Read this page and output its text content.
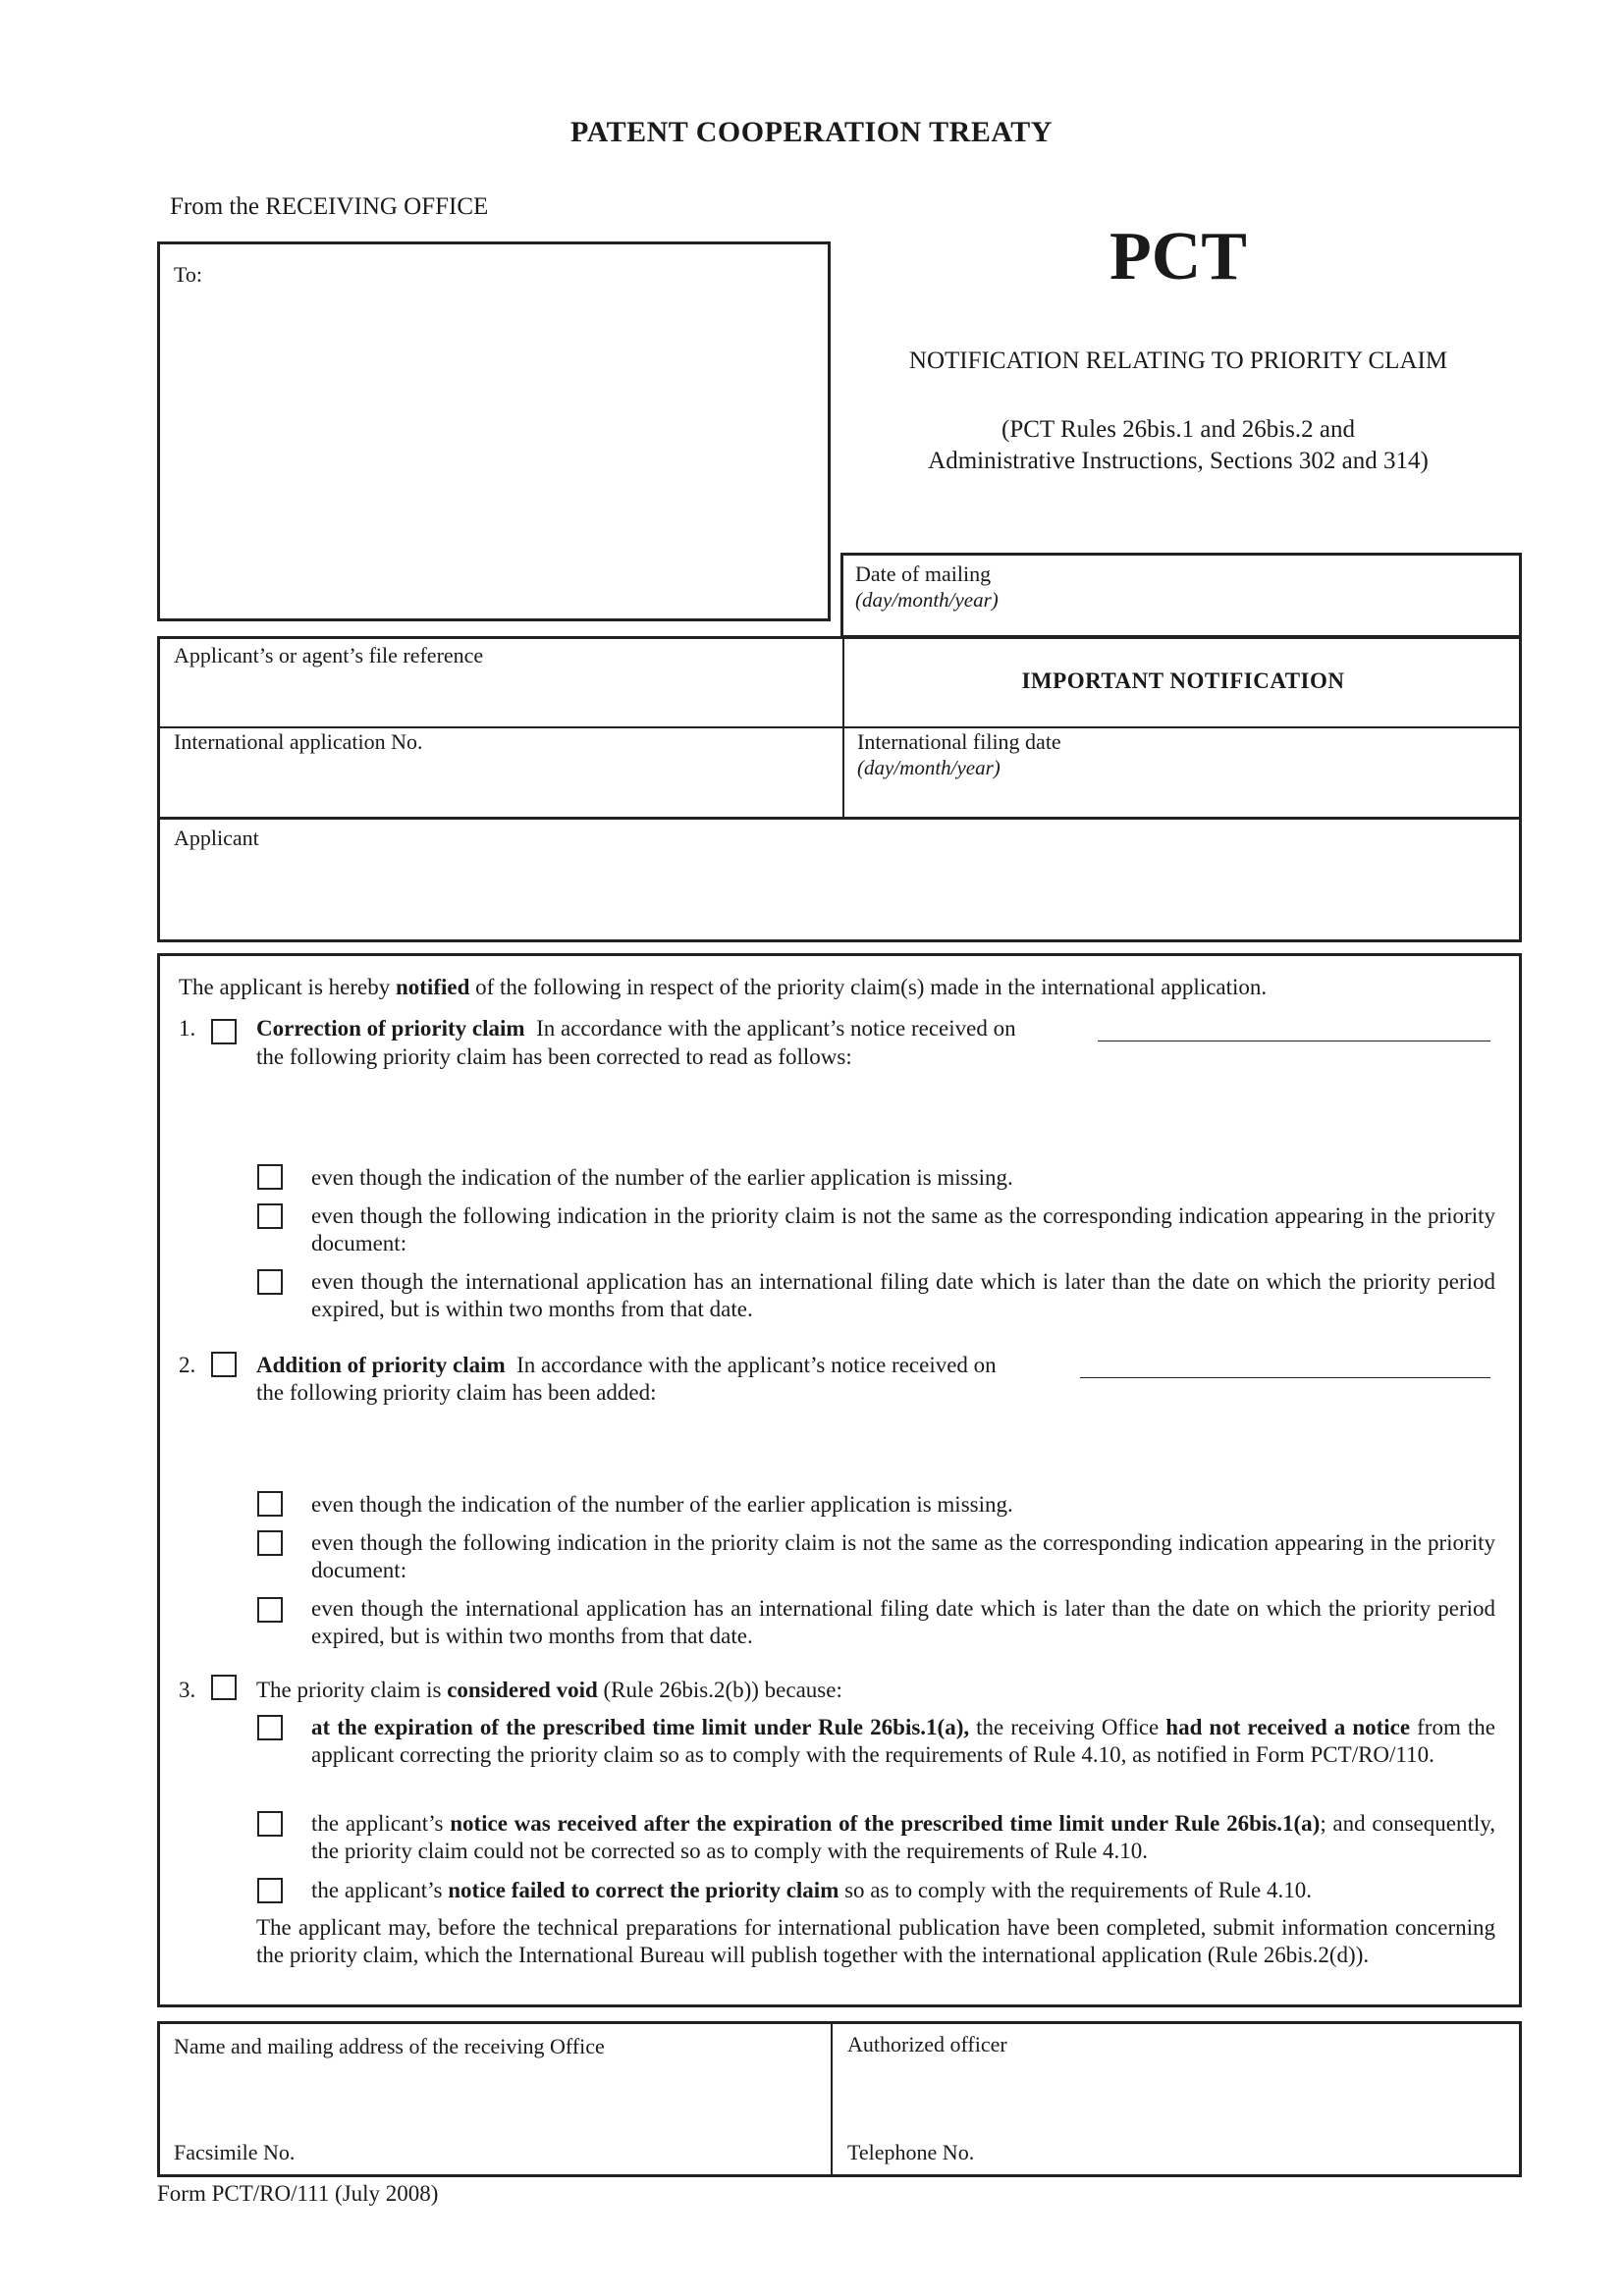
PATENT COOPERATION TREATY
From the RECEIVING OFFICE
PCT
NOTIFICATION RELATING TO PRIORITY CLAIM
(PCT Rules 26bis.1 and 26bis.2 and
Administrative Instructions, Sections 302 and 314)
To:
Date of mailing
(day/month/year)
Applicant’s or agent’s file reference
IMPORTANT NOTIFICATION
International application No.	International filing date
(day/month/year)
Applicant
The applicant is hereby notified of the following in respect of the priority claim(s) made in the international application.
1.	Correction of priority claim In accordance with the applicant’s notice received on
the following priority claim has been corrected to read as follows:
even though the indication of the number of the earlier application is missing.
even though the following indication in the priority claim is not the same as the corresponding indication appearing in the priority document:
even though the international application has an international filing date which is later than the date on which the priority period expired, but is within two months from that date.
2.	Addition of priority claim In accordance with the applicant’s notice received on
the following priority claim has been added:
even though the indication of the number of the earlier application is missing.
even though the following indication in the priority claim is not the same as the corresponding indication appearing in the priority document:
even though the international application has an international filing date which is later than the date on which the priority period expired, but is within two months from that date.
3.	The priority claim is considered void (Rule 26bis.2(b)) because:
at the expiration of the prescribed time limit under Rule 26bis.1(a), the receiving Office had not received a notice from the applicant correcting the priority claim so as to comply with the requirements of Rule 4.10, as notified in Form PCT/RO/110.
the applicant’s notice was received after the expiration of the prescribed time limit under Rule 26bis.1(a); and consequently, the priority claim could not be corrected so as to comply with the requirements of Rule 4.10.
the applicant’s notice failed to correct the priority claim so as to comply with the requirements of Rule 4.10.
The applicant may, before the technical preparations for international publication have been completed, submit information concerning the priority claim, which the International Bureau will publish together with the international application (Rule 26bis.2(d)).
Name and mailing address of the receiving Office
Facsimile No.
Authorized officer
Telephone No.
Form PCT/RO/111 (July 2008)
